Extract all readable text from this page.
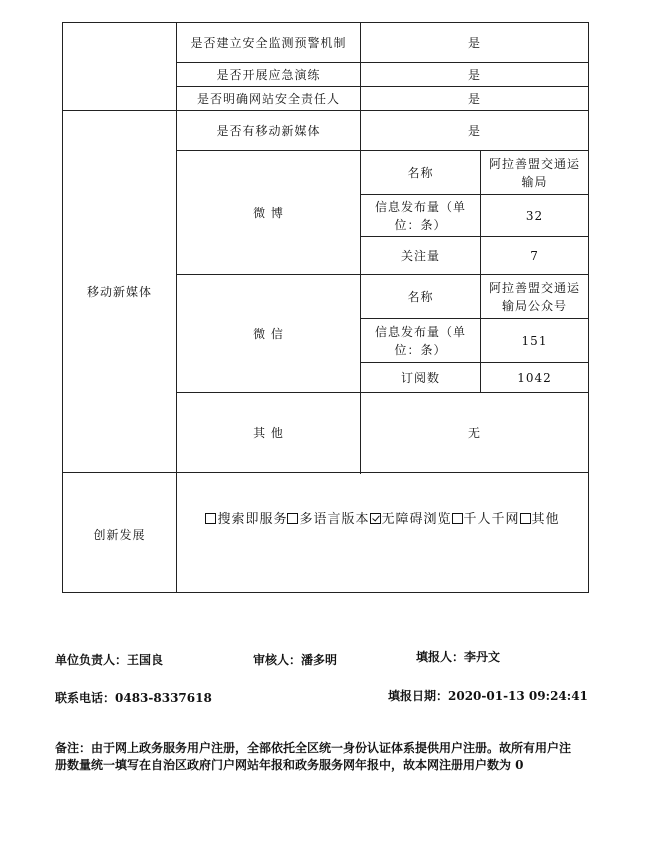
	是否建立安全监测预警机制	是	
	是否开展应急演练	是	
	是否明确网站安全责任人	是	
移动新媒体	是否有移动新媒体	是	
	微 博	名称	阿拉善盟交通运输局
		信息发布量（单位：条）	32
		关注量	7
	微 信	名称	阿拉善盟交通运输局公众号
		信息发布量（单位：条）	151
		订阅数	1042
	其 他	无	

创新发展	搜索即服务 多语言版本 无障碍浏览 千人千网 其他		
单位负责人：王国良	审核人：潘多明	填报人：李丹文
联系电话：0483-8337618	填报日期：2020-01-13 09:24:41
备注：由于网上政务服务用户注册，全部依托全区统一身份认证体系提供用户注册。故所有用户注册数量统一填写在自治区政府门户网站年报和政务服务网年报中，故本网注册用户数为 0
